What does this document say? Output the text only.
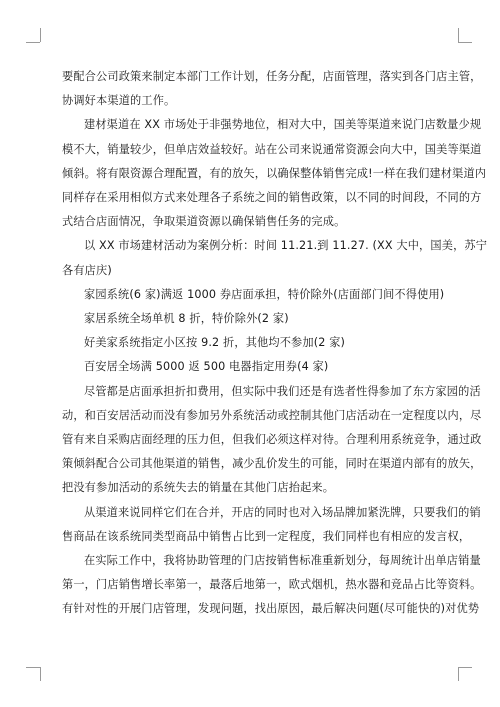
要配合公司政策来制定本部门工作计划，任务分配，店面管理，落实到各门店主管，
协调好本渠道的工作。
建材渠道在 XX 市场处于非强势地位，相对大中，国美等渠道来说门店数量少规
模不大，销量较少，但单店效益较好。站在公司来说通常资源会向大中，国美等渠道
倾斜。将有限资源合理配置，有的放矢，以确保整体销售完成!一样在我们建材渠道内
同样存在采用相似方式来处理各子系统之间的销售政策，以不同的时间段，不同的方
式结合店面情况，争取渠道资源以确保销售任务的完成。
以 XX 市场建材活动为案例分析：时间 11.21.到 11.27. (XX 大中，国美，苏宁
各有店庆)
家园系统(6 家)满返 1000 券店面承担，特价除外(店面部门间不得使用)
家居系统全场单机 8 折，特价除外(2 家)
好美家系统指定小区按 9.2 折，其他均不参加(2 家)
百安居全场满 5000 返 500 电器指定用券(4 家)
尽管都是店面承担折扣费用，但实际中我们还是有选者性得参加了东方家园的活
动，和百安居活动而没有参加另外系统活动或控制其他门店活动在一定程度以内，尽
管有来自采购店面经理的压力但，但我们必须这样对待。合理利用系统竞争，通过政
策倾斜配合公司其他渠道的销售，减少乱价发生的可能，同时在渠道内部有的放矢，
把没有参加活动的系统失去的销量在其他门店抬起来。
从渠道来说同样它们在合并，开店的同时也对入场品牌加紧洗牌，只要我们的销
售商品在该系统同类型商品中销售占比到一定程度，我们同样也有相应的发言权，
在实际工作中，我将协助管理的门店按销售标准重新划分，每周统计出单店销量
第一，门店销售增长率第一，最落后地第一，欧式烟机，热水器和竞品占比等资料。
有针对性的开展门店管理，发现问题，找出原因，最后解决问题(尽可能快的)对优势
